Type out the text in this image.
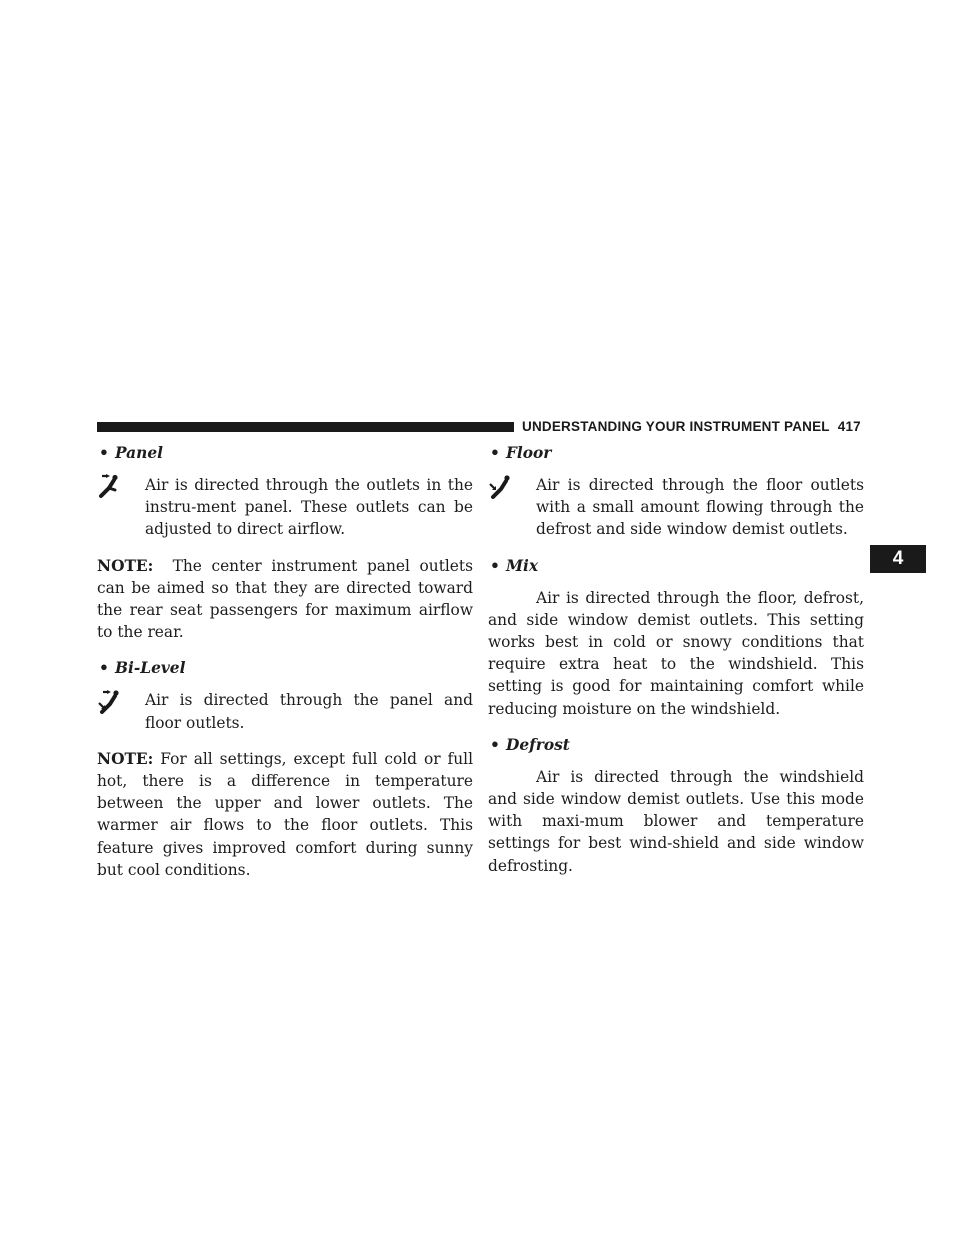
UNDERSTANDING YOUR INSTRUMENT PANEL 417
4
• Panel
Air is directed through the outlets in the instru-ment panel. These outlets can be adjusted to direct airflow.
NOTE: The center instrument panel outlets can be aimed so that they are directed toward the rear seat passengers for maximum airflow to the rear.
• Bi-Level
Air is directed through the panel and floor outlets.
NOTE: For all settings, except full cold or full hot, there is a difference in temperature between the upper and lower outlets. The warmer air flows to the floor outlets. This feature gives improved comfort during sunny but cool conditions.
• Floor
Air is directed through the floor outlets with a small amount flowing through the defrost and side window demist outlets.
• Mix
Air is directed through the floor, defrost, and side window demist outlets. This setting works best in cold or snowy conditions that require extra heat to the windshield. This setting is good for maintaining comfort while reducing moisture on the windshield.
• Defrost
Air is directed through the windshield and side window demist outlets. Use this mode with maxi-mum blower and temperature settings for best wind-shield and side window defrosting.
